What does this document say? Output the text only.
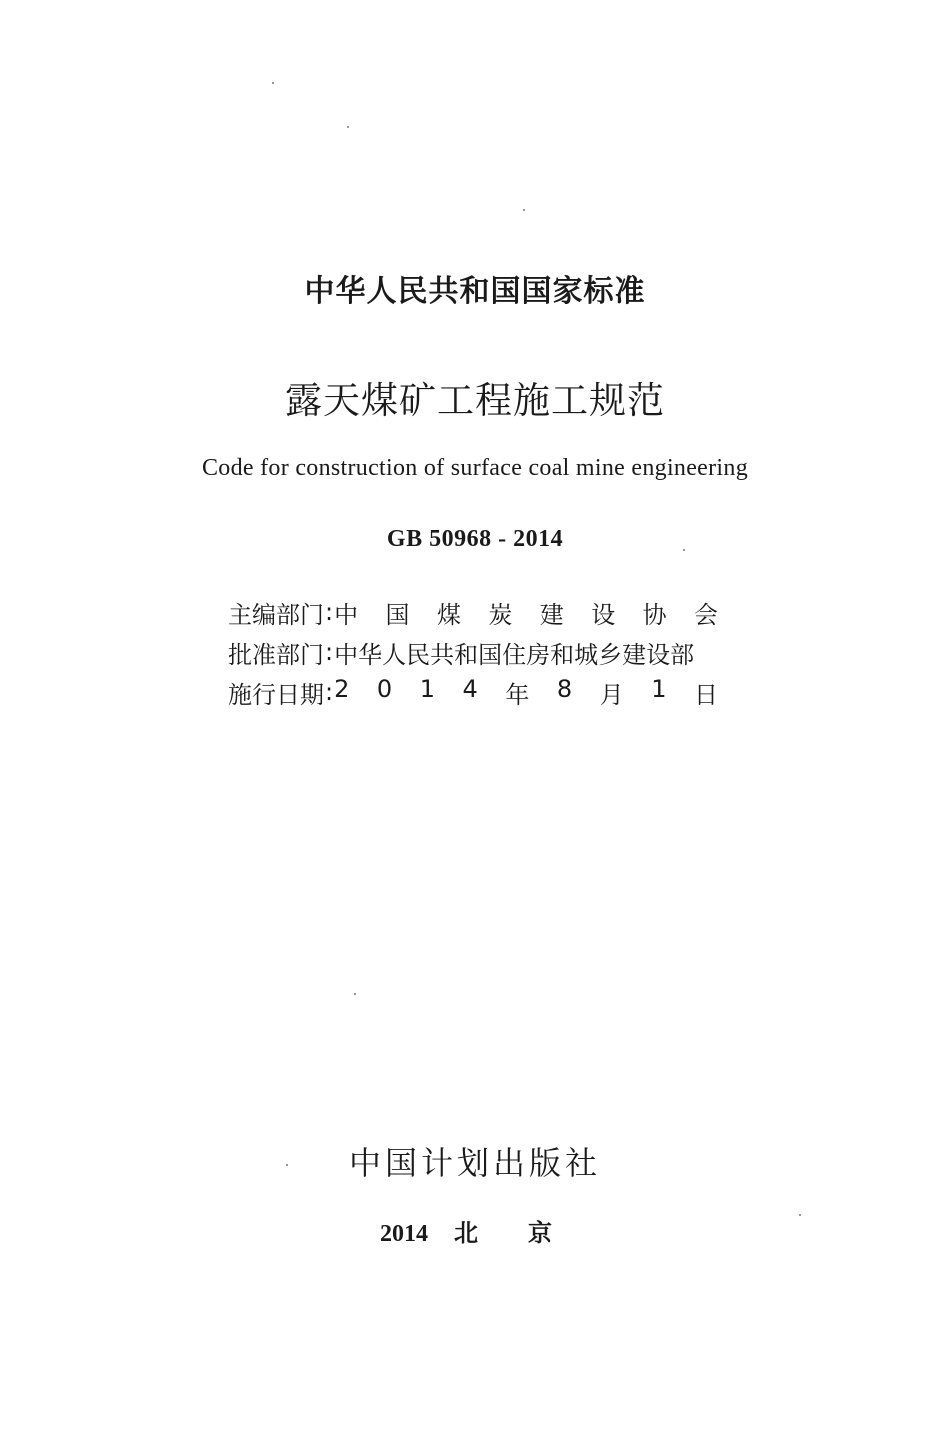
中华人民共和国国家标准
露天煤矿工程施工规范
Code for construction of surface coal mine engineering
GB 50968 - 2014
主编部门 : 中 国 煤 炭 建 设 协 会
批准部门 : 中华人民共和国住房和城乡建设部
施行日期 : 2 0 1 4 年 8 月 1 日
中国计划出版社
2014 北 京
